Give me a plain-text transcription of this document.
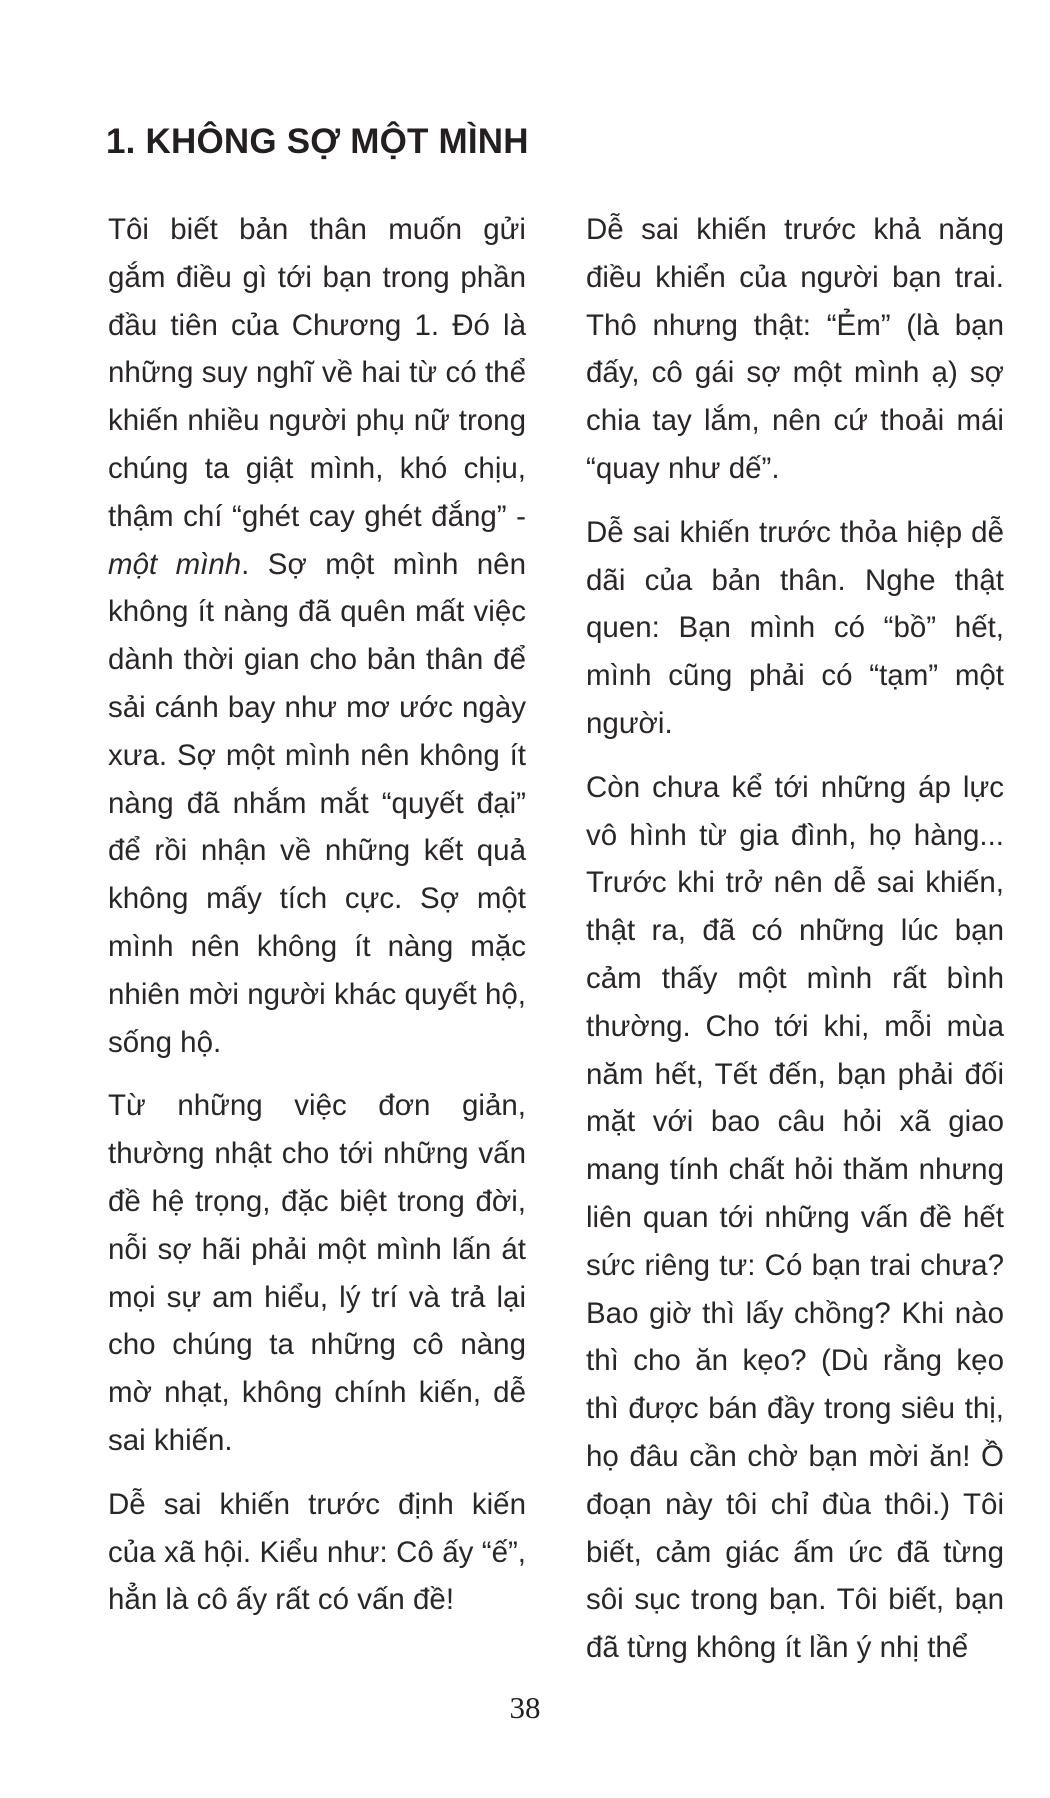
1. KHÔNG SỢ MỘT MÌNH

Tôi biết bản thân muốn gửi gắm điều gì tới bạn trong phần đầu tiên của Chương 1. Đó là những suy nghĩ về hai từ có thể khiến nhiều người phụ nữ trong chúng ta giật mình, khó chịu, thậm chí “ghét cay ghét đắng” - một mình. Sợ một mình nên không ít nàng đã quên mất việc dành thời gian cho bản thân để sải cánh bay như mơ ước ngày xưa. Sợ một mình nên không ít nàng đã nhắm mắt “quyết đại” để rồi nhận về những kết quả không mấy tích cực. Sợ một mình nên không ít nàng mặc nhiên mời người khác quyết hộ, sống hộ.

Từ những việc đơn giản, thường nhật cho tới những vấn đề hệ trọng, đặc biệt trong đời, nỗi sợ hãi phải một mình lấn át mọi sự am hiểu, lý trí và trả lại cho chúng ta những cô nàng mờ nhạt, không chính kiến, dễ sai khiến.

Dễ sai khiến trước định kiến của xã hội. Kiểu như: Cô ấy “ế”, hẳn là cô ấy rất có vấn đề!

Dễ sai khiến trước khả năng điều khiển của người bạn trai. Thô nhưng thật: “Ẻm” (là bạn đấy, cô gái sợ một mình ạ) sợ chia tay lắm, nên cứ thoải mái “quay như dế”.

Dễ sai khiến trước thỏa hiệp dễ dãi của bản thân. Nghe thật quen: Bạn mình có “bồ” hết, mình cũng phải có “tạm” một người.

Còn chưa kể tới những áp lực vô hình từ gia đình, họ hàng... Trước khi trở nên dễ sai khiến, thật ra, đã có những lúc bạn cảm thấy một mình rất bình thường. Cho tới khi, mỗi mùa năm hết, Tết đến, bạn phải đối mặt với bao câu hỏi xã giao mang tính chất hỏi thăm nhưng liên quan tới những vấn đề hết sức riêng tư: Có bạn trai chưa? Bao giờ thì lấy chồng? Khi nào thì cho ăn kẹo? (Dù rằng kẹo thì được bán đầy trong siêu thị, họ đâu cần chờ bạn mời ăn! Ồ đoạn này tôi chỉ đùa thôi.) Tôi biết, cảm giác ấm ức đã từng sôi sục trong bạn. Tôi biết, bạn đã từng không ít lần ý nhị thể

38
